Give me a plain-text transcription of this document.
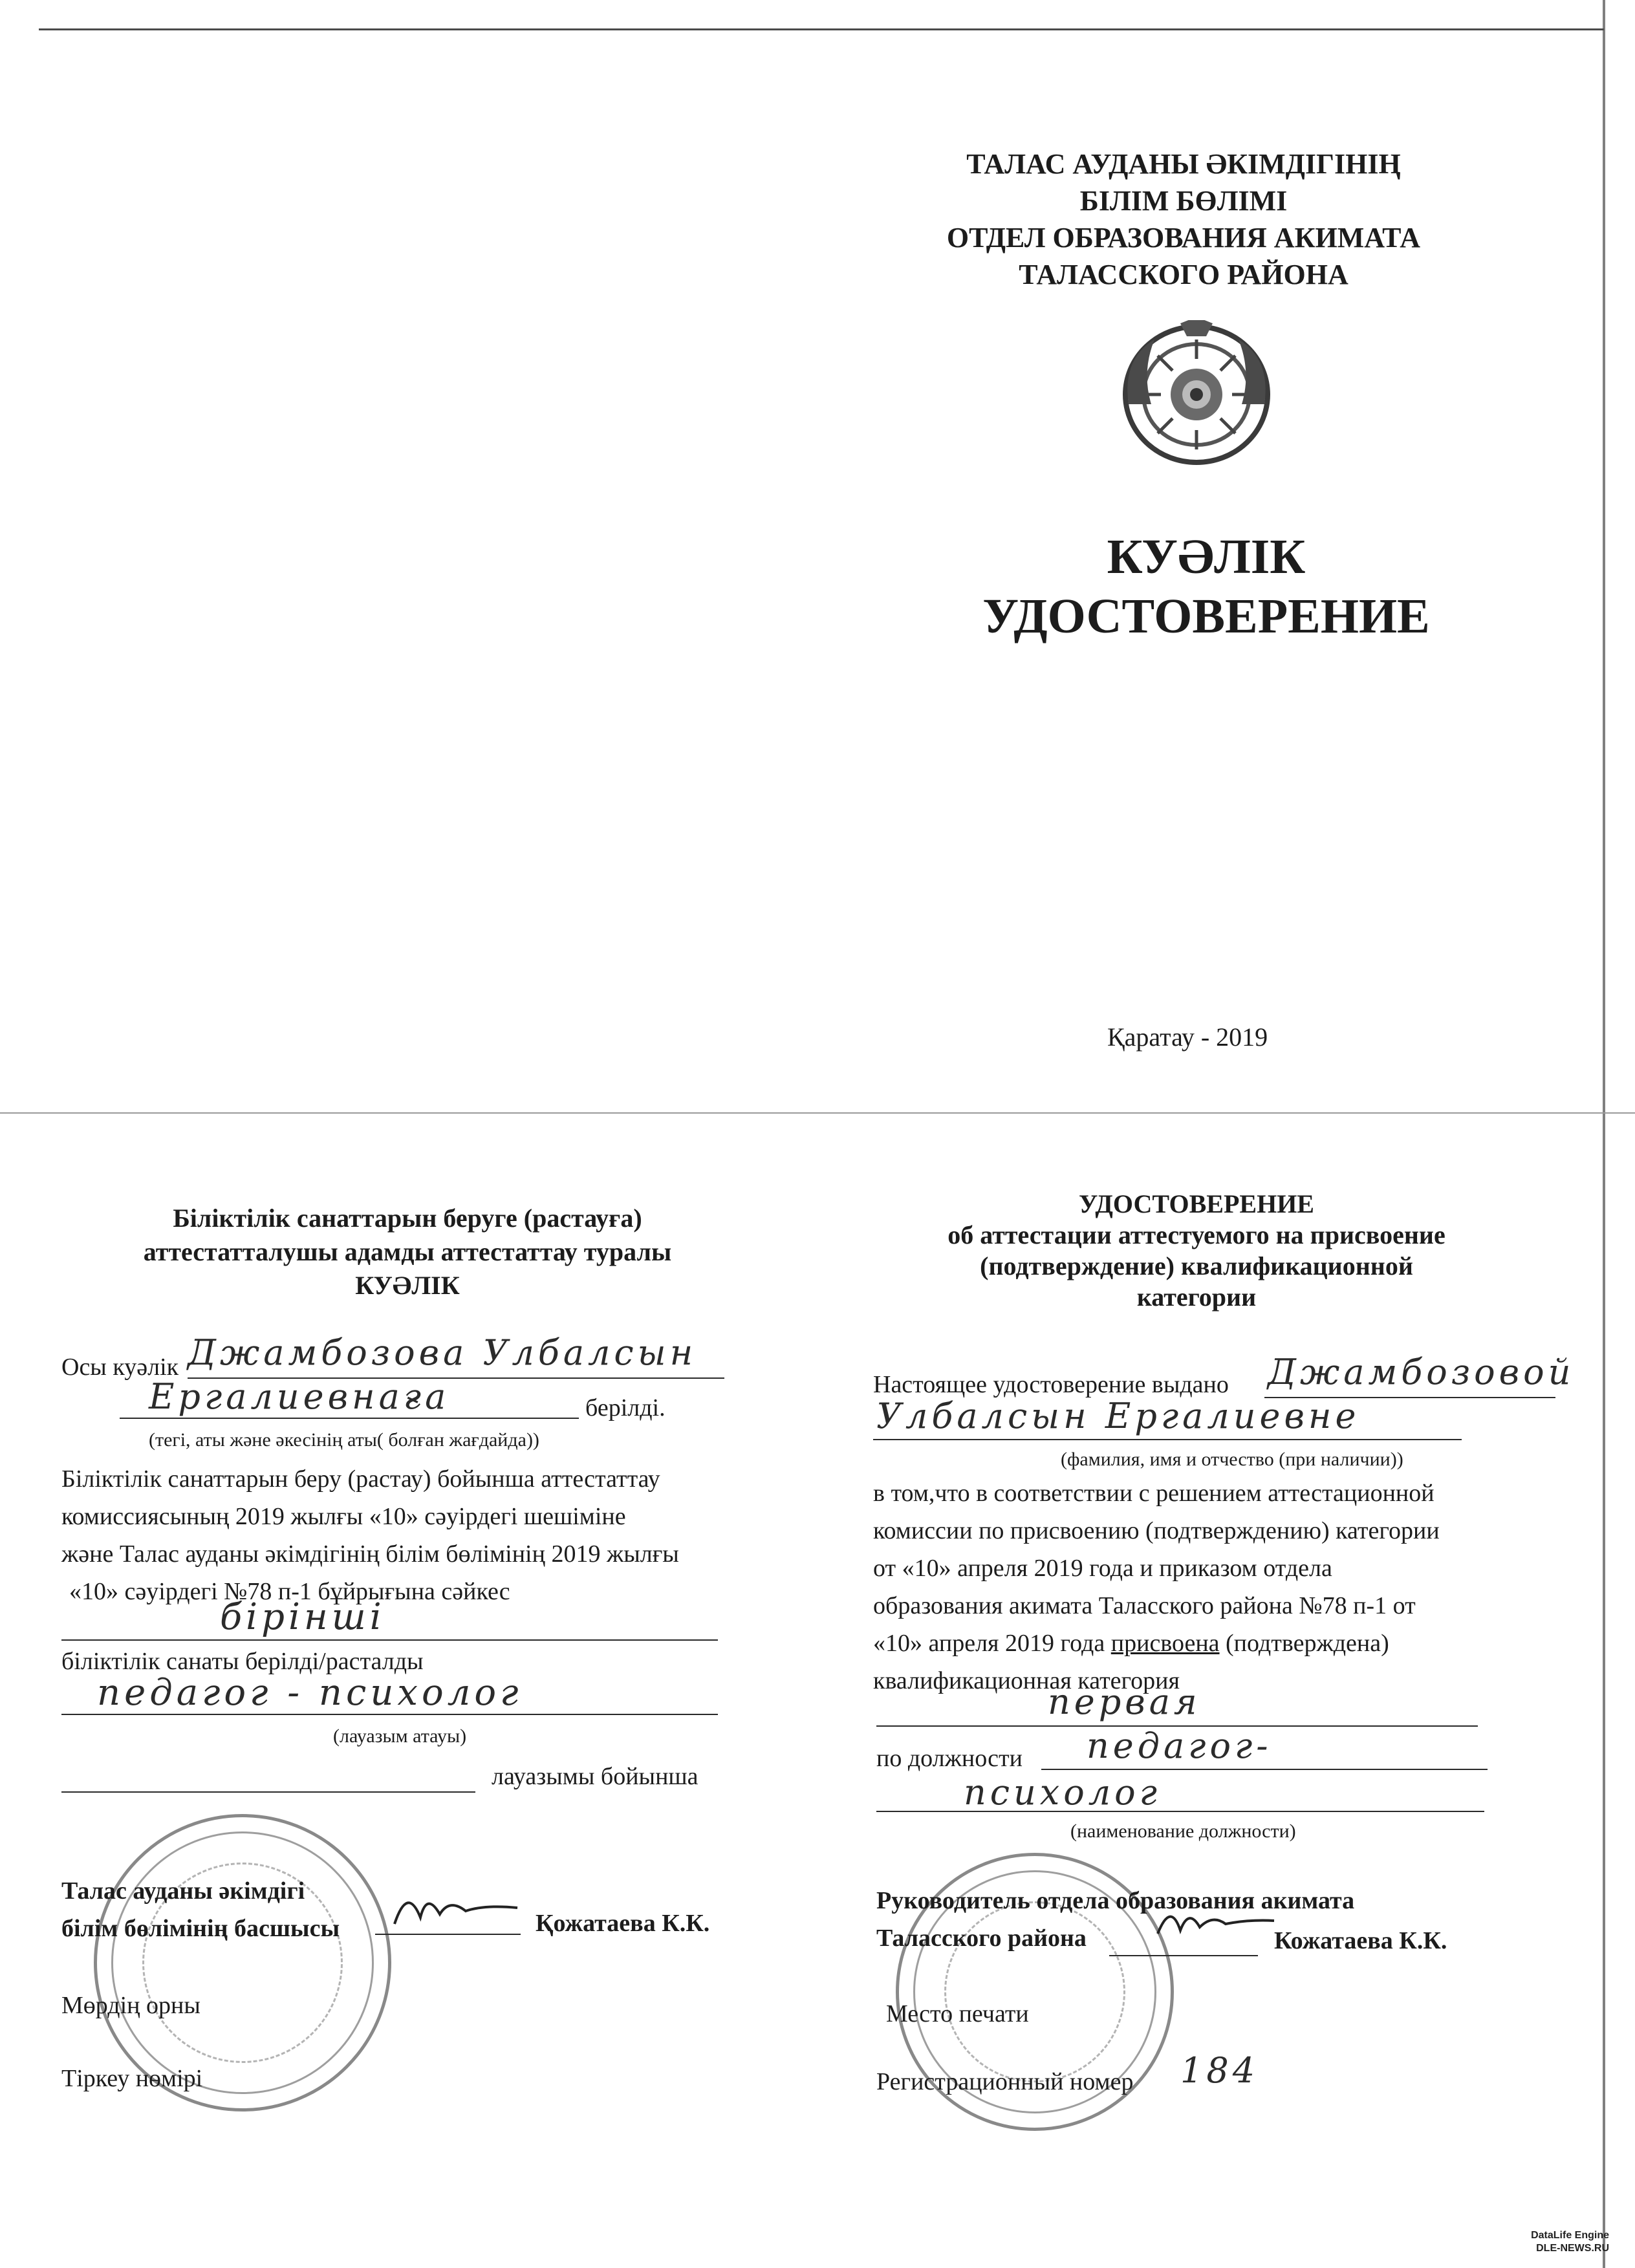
ТАЛАС АУДАНЫ ӘКІМДІГІНІҢ
БІЛІМ БӨЛІМІ
ОТДЕЛ ОБРАЗОВАНИЯ АКИМАТА
ТАЛАССКОГО РАЙОНА
КУӘЛІК
УДОСТОВЕРЕНИЕ
Қаратау - 2019
Біліктілік санаттарын беруге (растауға)
аттестатталушы адамды аттестаттау туралы
КУӘЛІК
Осы куәлік Джамбозова Улбалсын
Ергалиевнаға	берілді.
(тегі, аты және әкесінің аты( болған жағдайда))
Біліктілік санаттарын беру (растау) бойынша аттестаттау
комиссиясының 2019 жылғы «10» сәуірдегі шешіміне
және Талас ауданы әкімдігінің білім бөлімінің 2019 жылғы
«10» сәуірдегі №78 п-1 бұйрығына сәйкес
бірінші
біліктілік санаты берілді/расталды
педагог - психолог
(лауазым атауы)
лауазымы бойынша
Талас ауданы әкімдігі
білім бөлімінің басшысы	Қожатаева К.К.
Мөрдің орны
Тіркеу нөмірі
УДОСТОВЕРЕНИЕ
об аттестации аттестуемого на присвоение
(подтверждение) квалификационной
категории
Настоящее удостоверение выдано Джамбозовой
Улбалсын Ергалиевне
(фамилия, имя и отчество (при наличии))
в том,что в соответствии с решением аттестационной
комиссии по присвоению (подтверждению) категории
от «10» апреля 2019 года и приказом отдела
образования акимата Таласского района №78 п-1 от
«10» апреля 2019 года присвоена (подтверждена)
квалификационная категория
первая
по должности педагог-
психолог
(наименование должности)
Руководитель отдела образования акимата
Таласского района	Кожатаева К.К.
Место печати
Регистрационный номер 184
DataLife Engine
DLE-NEWS.RU
